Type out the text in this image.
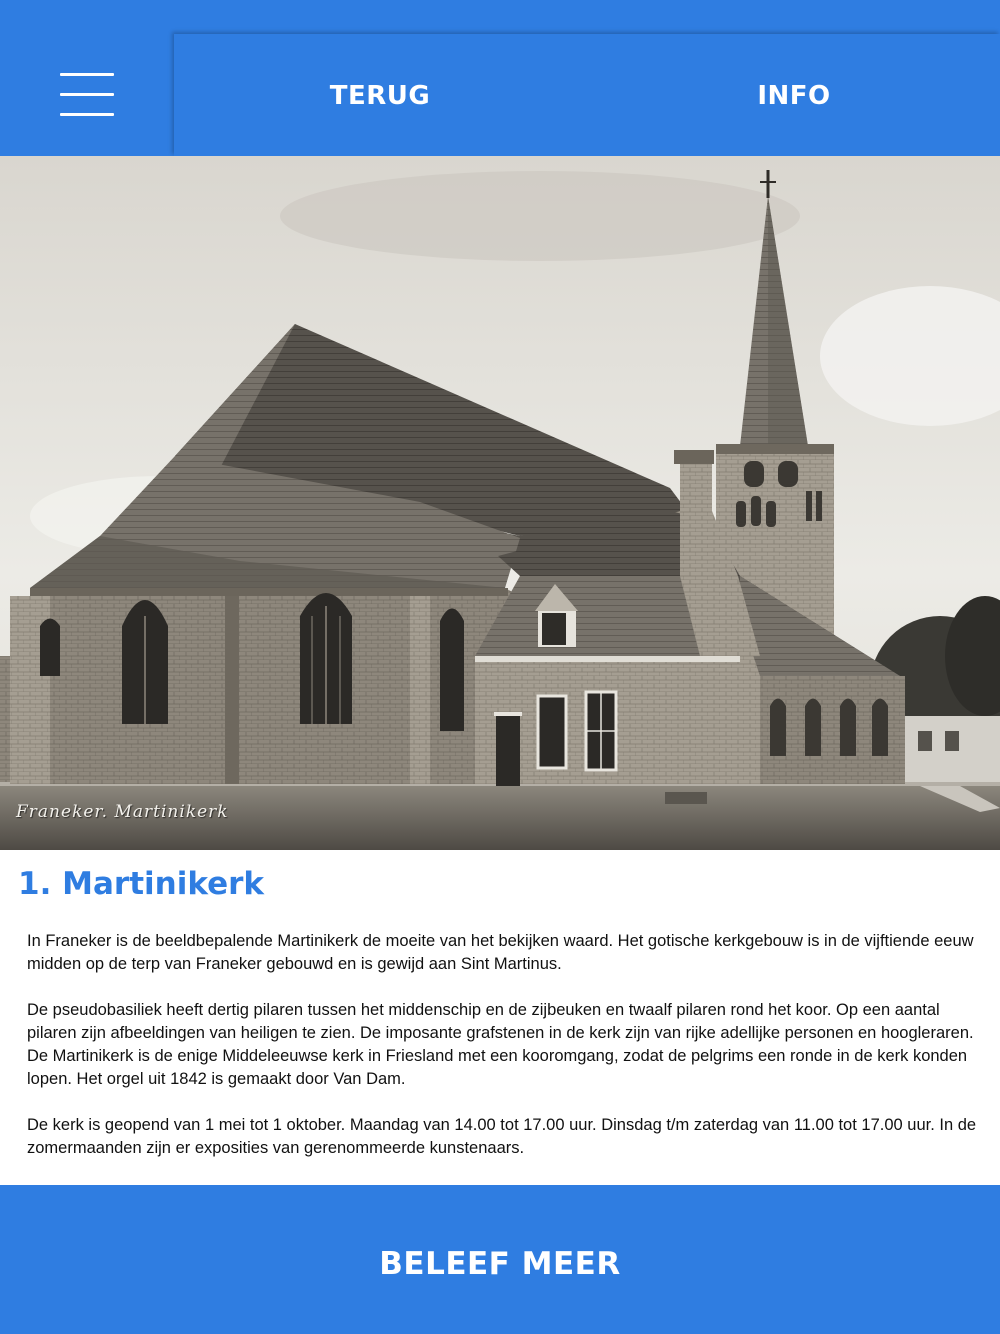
TERUG	INFO
Franeker. Martinikerk
1. Martinikerk

In Franeker is de beeldbepalende Martinikerk de moeite van het bekijken waard. Het gotische kerkgebouw is in de vijftiende eeuw midden op de terp van Franeker gebouwd en is gewijd aan Sint Martinus.

De pseudobasiliek heeft dertig pilaren tussen het middenschip en de zijbeuken en twaalf pilaren rond het koor. Op een aantal pilaren zijn afbeeldingen van heiligen te zien. De imposante grafstenen in de kerk zijn van rijke adellijke personen en hoogleraren. De Martinikerk is de enige Middeleeuwse kerk in Friesland met een kooromgang, zodat de pelgrims een ronde in de kerk konden lopen. Het orgel uit 1842 is gemaakt door Van Dam.

De kerk is geopend van 1 mei tot 1 oktober. Maandag van 14.00 tot 17.00 uur. Dinsdag t/m zaterdag van 11.00 tot 17.00 uur. In de zomermaanden zijn er exposities van gerenommeerde kunstenaars.

BELEEF MEER
